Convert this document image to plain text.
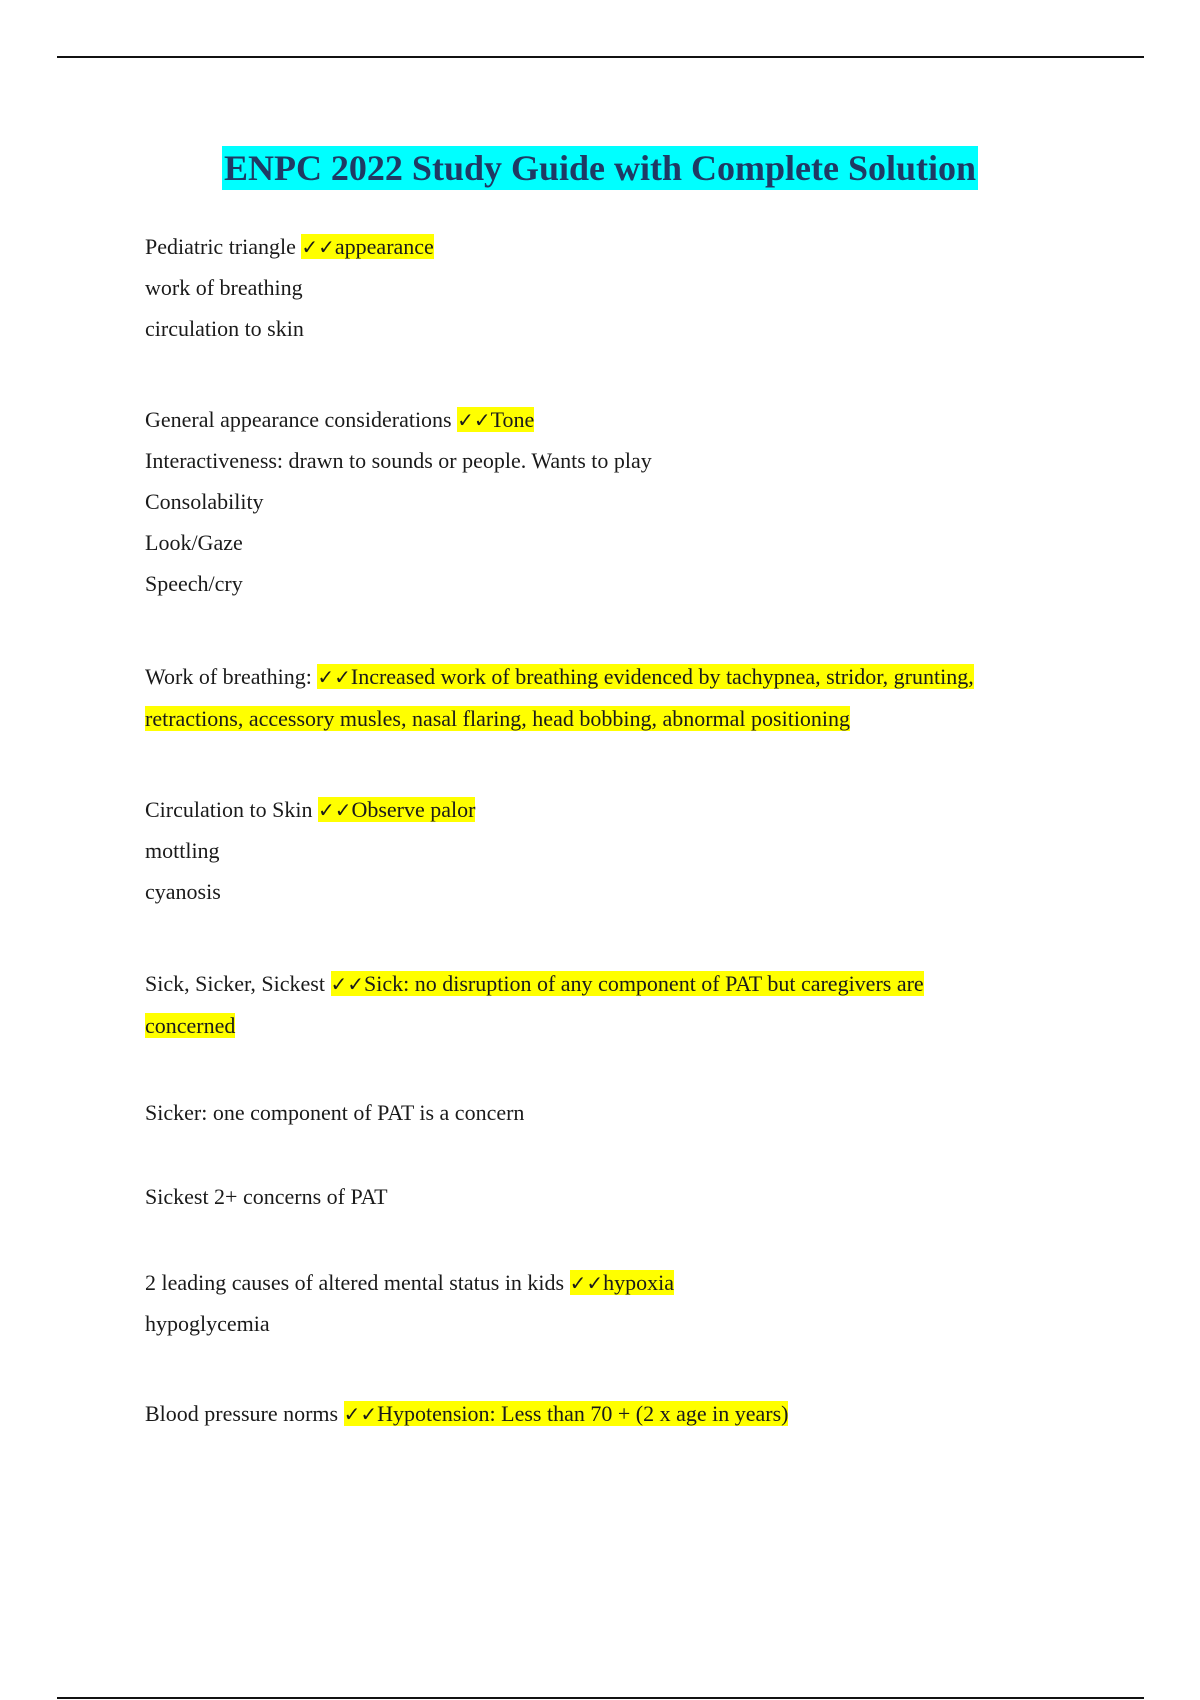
ENPC 2022 Study Guide with Complete Solution
Pediatric triangle ✓✓appearance
work of breathing
circulation to skin
General appearance considerations ✓✓Tone
Interactiveness: drawn to sounds or people. Wants to play
Consolability
Look/Gaze
Speech/cry
Work of breathing: ✓✓Increased work of breathing evidenced by tachypnea, stridor, grunting,
retractions, accessory musles, nasal flaring, head bobbing, abnormal positioning
Circulation to Skin ✓✓Observe palor
mottling
cyanosis
Sick, Sicker, Sickest ✓✓Sick: no disruption of any component of PAT but caregivers are
concerned
Sicker: one component of PAT is a concern
Sickest 2+ concerns of PAT
2 leading causes of altered mental status in kids ✓✓hypoxia
hypoglycemia
Blood pressure norms ✓✓Hypotension: Less than 70 + (2 x age in years)
